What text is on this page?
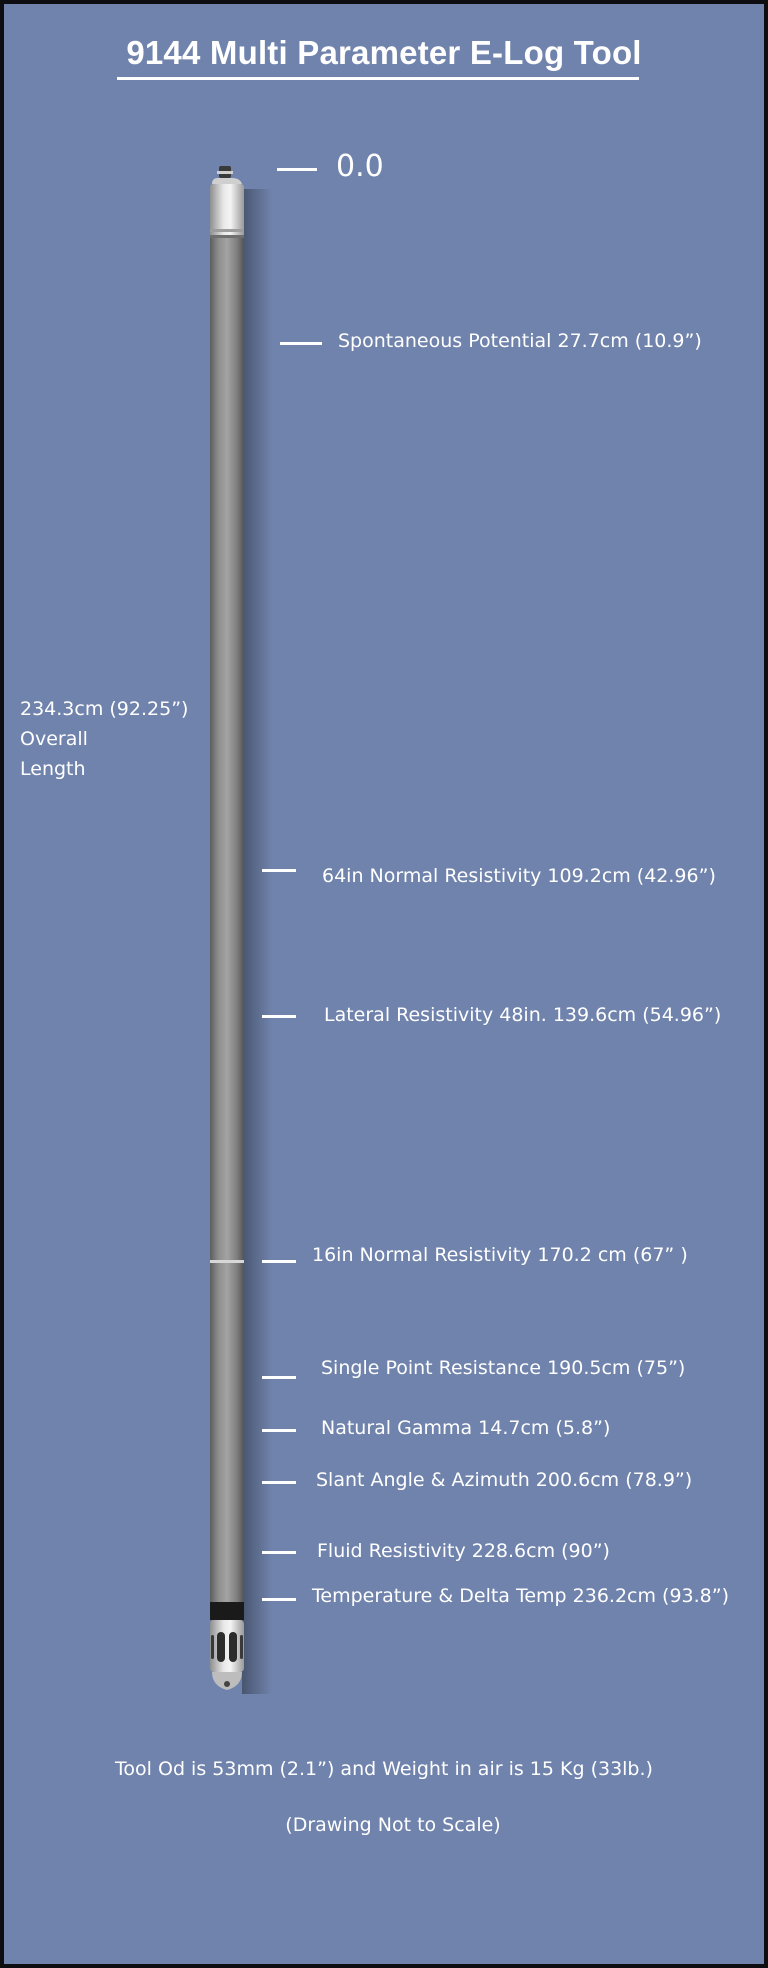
9144 Multi Parameter E-Log Tool
0.0
Spontaneous Potential 27.7cm (10.9”)
64in Normal Resistivity 109.2cm (42.96”)
Lateral Resistivity 48in. 139.6cm (54.96”)
16in Normal Resistivity 170.2 cm (67” )
Single Point Resistance 190.5cm (75”)
Natural Gamma 14.7cm (5.8”)
Slant Angle & Azimuth 200.6cm (78.9”)
Fluid Resistivity 228.6cm (90”)
Temperature & Delta Temp 236.2cm (93.8”)
234.3cm (92.25”)
Overall
Length
Tool Od is 53mm (2.1”) and Weight in air is 15 Kg (33lb.)
(Drawing Not to Scale)
